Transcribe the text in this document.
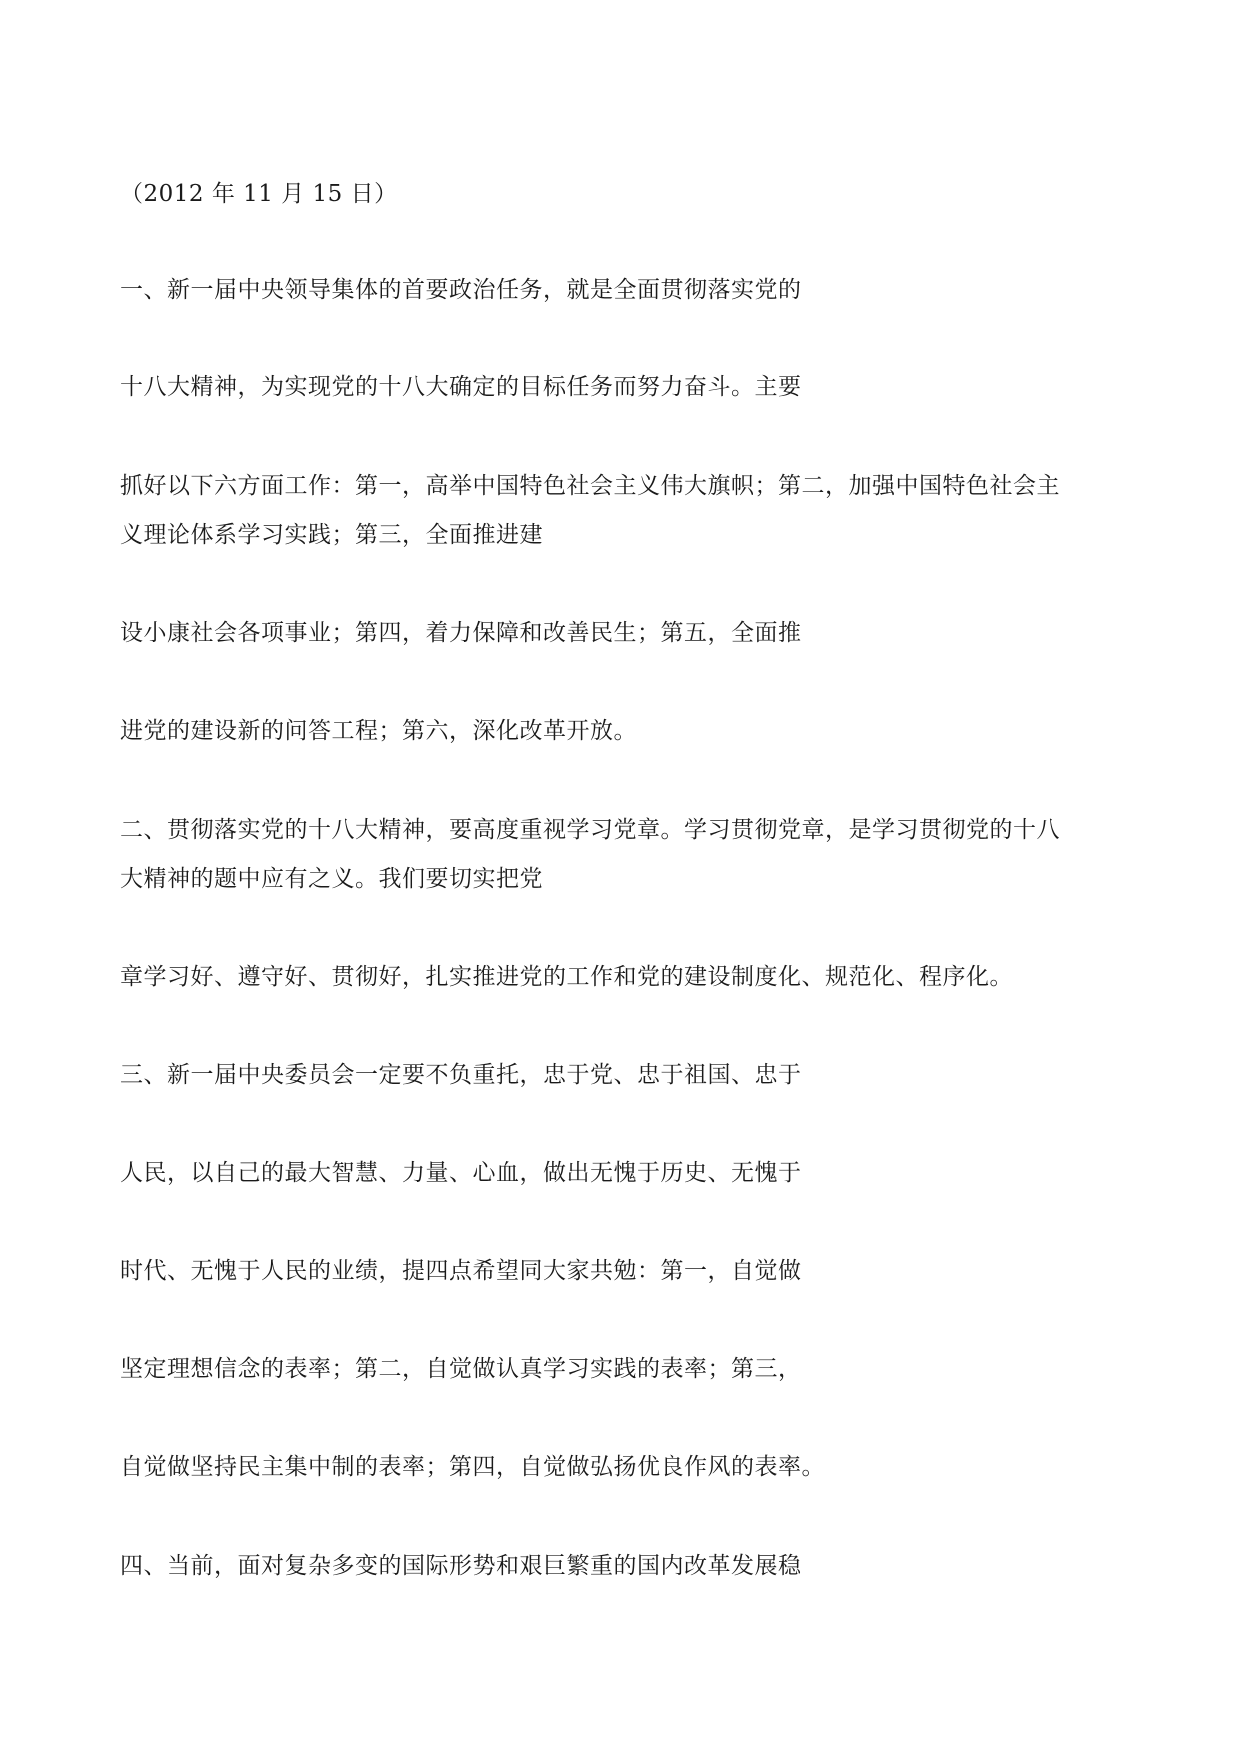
（2012 年 11 月 15 日）

一、新一届中央领导集体的首要政治任务，就是全面贯彻落实党的

十八大精神，为实现党的十八大确定的目标任务而努力奋斗。主要

抓好以下六方面工作：第一，高举中国特色社会主义伟大旗帜；第二，加强中国特色社会主

义理论体系学习实践；第三，全面推进建

设小康社会各项事业；第四，着力保障和改善民生；第五，全面推

进党的建设新的问答工程；第六，深化改革开放。

二、贯彻落实党的十八大精神，要高度重视学习党章。学习贯彻党章，是学习贯彻党的十八

大精神的题中应有之义。我们要切实把党

章学习好、遵守好、贯彻好，扎实推进党的工作和党的建设制度化、规范化、程序化。

三、新一届中央委员会一定要不负重托，忠于党、忠于祖国、忠于

人民，以自己的最大智慧、力量、心血，做出无愧于历史、无愧于

时代、无愧于人民的业绩，提四点希望同大家共勉：第一，自觉做

坚定理想信念的表率；第二，自觉做认真学习实践的表率；第三，

自觉做坚持民主集中制的表率；第四，自觉做弘扬优良作风的表率。

四、当前，面对复杂多变的国际形势和艰巨繁重的国内改革发展稳
